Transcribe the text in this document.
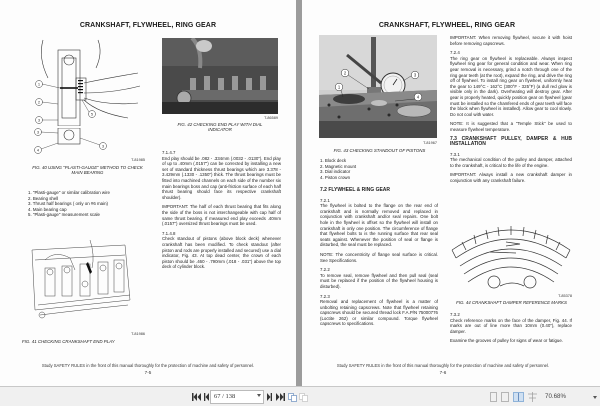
CRANKSHAFT, FLYWHEEL, RING GEAR
1
2
3
5
3
4
3
T-81985
FIG. 40 USING "PLASTI-GAUGE" METHOD TO CHECK MAIN BEARING
1. "Plasti-gauge" or similar calibration wire
2. Bearing shell
3. Thrust half bearings ( only on #6 main)
4. Main bearing cap
5. "Plasti-gauge" measurement scale
T-81986
FIG. 41 CHECKING CRANKSHAFT END PLAY
T-86589
FIG. 42 CHECKING END PLAY WITH DIAL INDICATOR

7.1.4.7
End play should be .082 - .334mm (.0032 - .0130"). End play of up to .40mm (.0157") can be corrected by installing a new set of standard thickness thrust bearings which are 3.378 - 3.429mm (.1330 - .1350") thick. The thrust bearings must be fitted into machined channels on each side of the number six main bearings boss and cap (anti-friction surface of each half thrust bearing should face its respective crankshaft shoulder).

IMPORTANT: The half of each thrust bearing that fits along the side of the boss is not interchangeable with cap half of same thrust bearing. If measured end play exceeds .40mm (.0157") oversized thrust bearings must be used.

7.1.4.8
Check standout of pistons (above block deck) whenever crankshaft has been modified. To check standout (after piston and rods are properly installed and secured) use a dial indicator, Fig. 43. At top dead center, the crown of each piston should be .460 - .790mm (.018 - .031") above the top deck of cylinder block.

Study SAFETY RULES in the front of this manual thoroughly for the protection of machine and safety of personnel.
7-5
CRANKSHAFT, FLYWHEEL, RING GEAR
2
1
3
4
T-81967
FIG. 43 CHECKING STANDOUT OF PISTONS
1. Block deck
2. Magnetic mount
3. Dial indicator
4. Piston crown

7.2 FLYWHEEL & RING GEAR

7.2.1
The flywheel is bolted to the flange on the rear end of crankshaft and is normally removed and replaced in conjunction with crankshaft and/or seal repairs. One bolt hole in the flywheel is offset so the flywheel will install on crankshaft in only one position. The circumference of flange that flywheel bolts to is the running surface that rear seal seats against. Whenever the position of seal or flange is disturbed, the seal must be replaced.

NOTE: The concentricity of flange seal surface is critical. See Specifications.

7.2.2
To remove seal, remove flywheel and then pull seal (seal must be replaced if the position of the flywheel housing is disturbed).

7.2.3
Removal and replacement of flywheel is a matter of unbolting retaining capscrews. Note that flywheel retaining capscrews should be secured thread lock F.A.P/N 75000776 (Loctite 262) or similar compound. Torque flywheel capscrews to specifications.

IMPORTANT: When removing flywheel, secure it with hoist before removing capscrews.

7.2.4
The ring gear on flywheel is replaceable. Always inspect flywheel ring gear for general condition and wear. When ring gear removal is necessary, grind a notch through one of the ring gear teeth (at the root), expand the ring, and drive the ring off of flywheel. To install ring gear on flywheel, uniformly heat the gear to 149°C - 162°C (300°F - 325°F) (a dull red glow is visible only in the dark). Overheating will destroy gear. After gear is properly heated, quickly position gear on flywheel (gear must be installed so the chamfered ends of gear teeth will face the block when flywheel is installed). Allow gear to cool slowly. Do not cool with water.

NOTE: It is suggested that a "Temple Stick" be used to measure flywheel temperature.

7.3 CRANKSHAFT PULLEY, DAMPER & HUB INSTALLATION

7.3.1
The mechanical condition of the pulley and damper, attached to the crankshaft, is critical to the life of the engine.

IMPORTANT: Always install a new crankshaft damper in conjunction with any crankshaft failure.

T-85378
FIG. 44 CRANKSHAFT DAMPER REFERENCE MARKS

7.3.2
Check reference marks on the face of the damper, Fig. 44. If marks are out of line more than 10mm (0.40"), replace damper.

Examine the grooves of pulley for signs of wear or fatigue.

Study SAFETY RULES in the front of this manual thoroughly for the protection of machine and safety of personnel.
7-6
67 / 138	70.68%
